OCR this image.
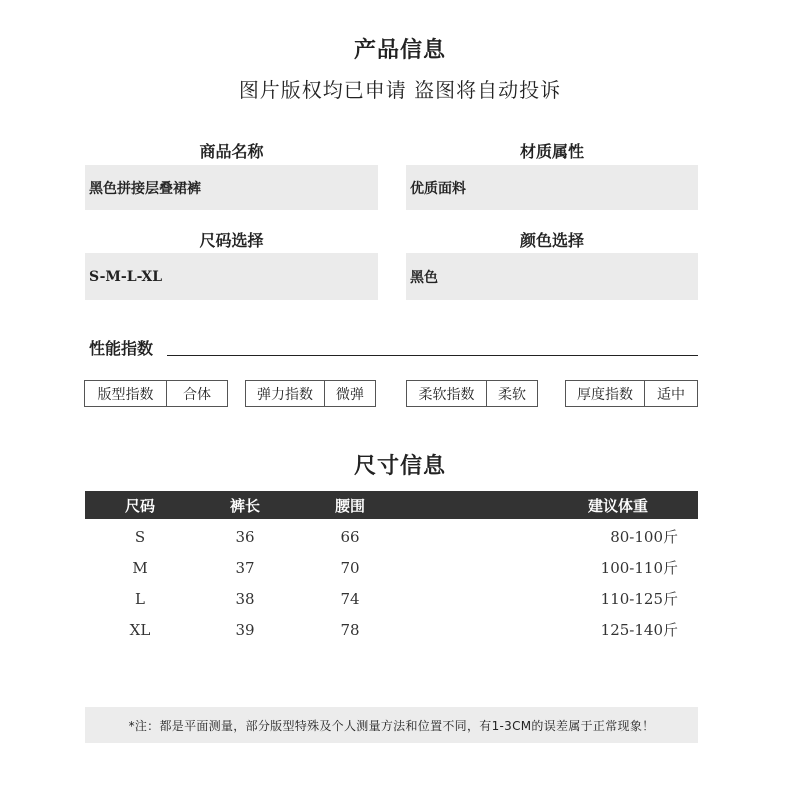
产品信息
图片版权均已申请 盗图将自动投诉
商品名称	材质属性
黑色拼接层叠裙裤	优质面料
尺码选择	颜色选择
S-M-L-XL	黑色
性能指数
版型指数	合体	弹力指数	微弹	柔软指数	柔软	厚度指数	适中
尺寸信息
尺码	裤长	腰围	建议体重
S	36	66	80-100斤
M	37	70	100-110斤
L	38	74	110-125斤
XL	39	78	125-140斤
*注：都是平面测量，部分版型特殊及个人测量方法和位置不同，有1-3CM的误差属于正常现象！
